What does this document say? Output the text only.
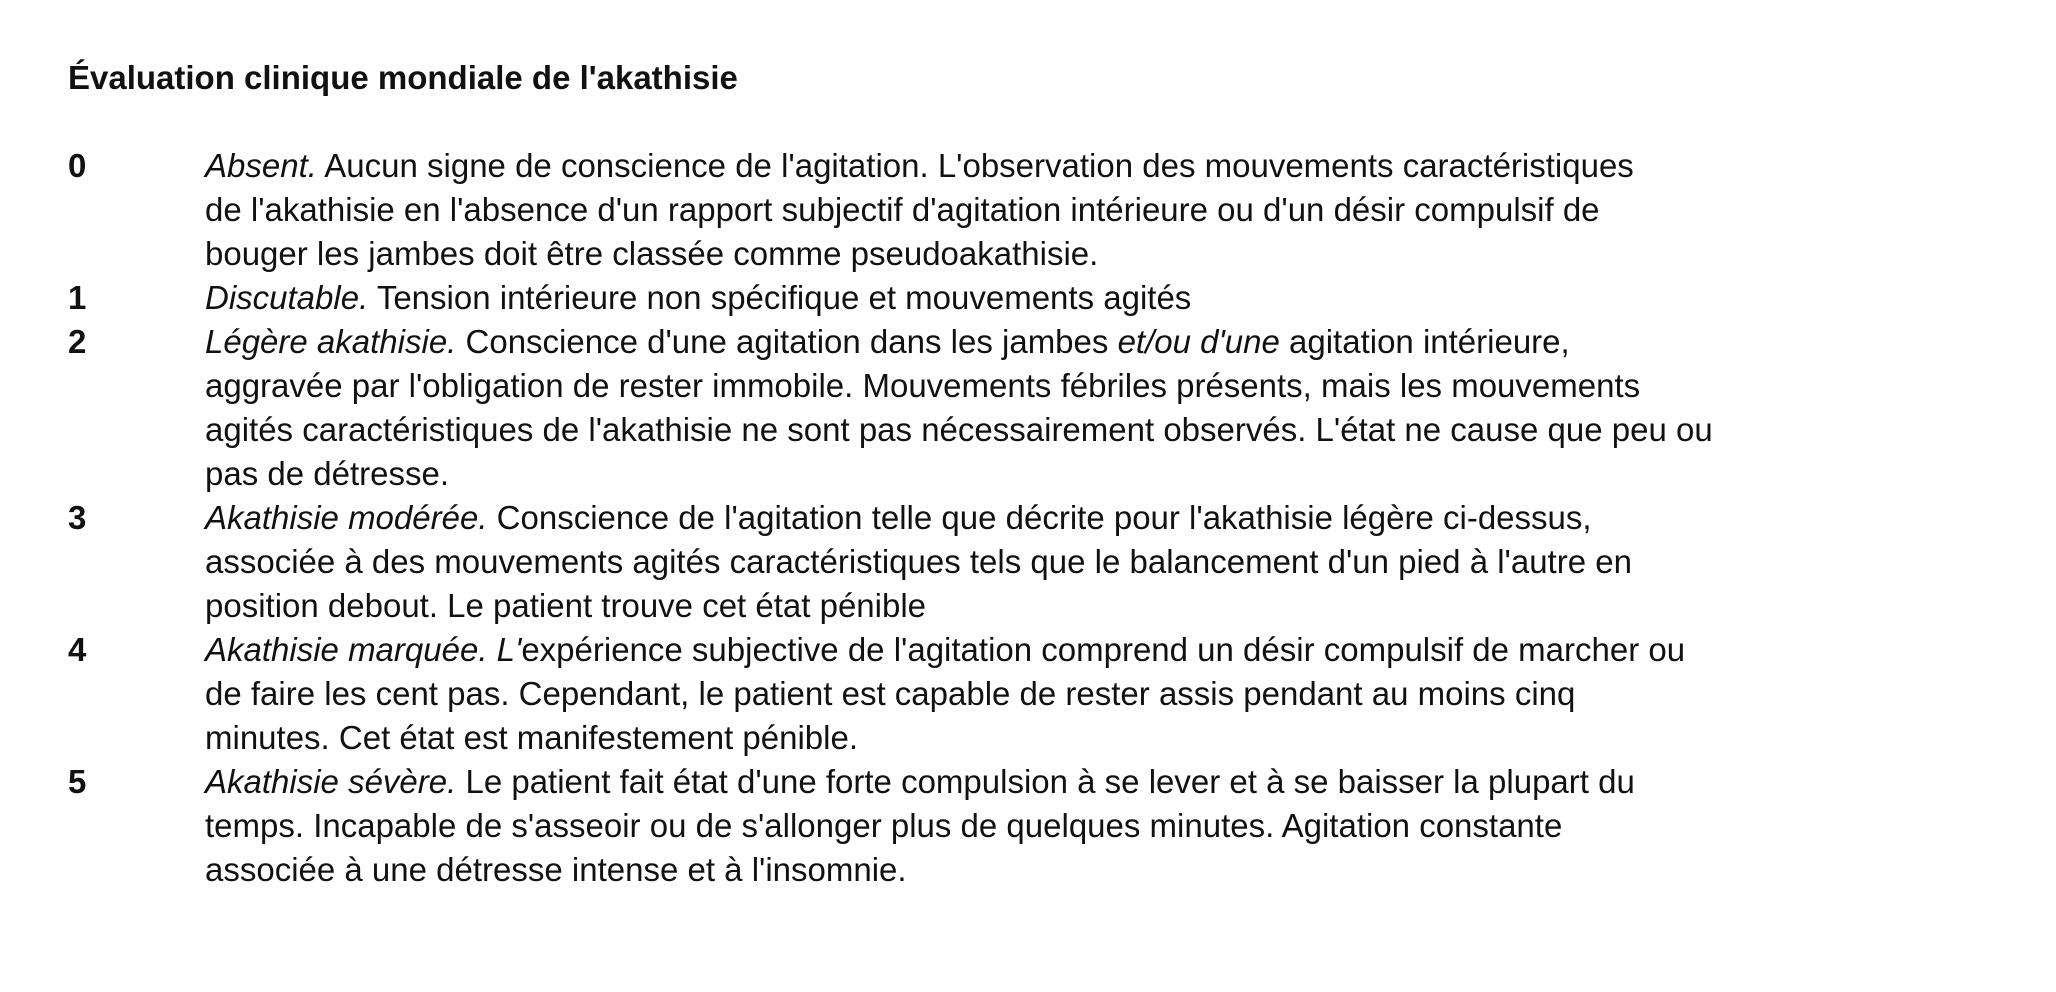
Évaluation clinique mondiale de l'akathisie
0	Absent. Aucun signe de conscience de l'agitation. L'observation des mouvements caractéristiques
de l'akathisie en l'absence d'un rapport subjectif d'agitation intérieure ou d'un désir compulsif de
bouger les jambes doit être classée comme pseudoakathisie.
1	Discutable. Tension intérieure non spécifique et mouvements agités
2	Légère akathisie. Conscience d'une agitation dans les jambes et/ou d'une agitation intérieure,
aggravée par l'obligation de rester immobile. Mouvements fébriles présents, mais les mouvements
agités caractéristiques de l'akathisie ne sont pas nécessairement observés. L'état ne cause que peu ou
pas de détresse.
3	Akathisie modérée. Conscience de l'agitation telle que décrite pour l'akathisie légère ci-dessus,
associée à des mouvements agités caractéristiques tels que le balancement d'un pied à l'autre en
position debout. Le patient trouve cet état pénible
4	Akathisie marquée. L'expérience subjective de l'agitation comprend un désir compulsif de marcher ou
de faire les cent pas. Cependant, le patient est capable de rester assis pendant au moins cinq
minutes. Cet état est manifestement pénible.
5	Akathisie sévère. Le patient fait état d'une forte compulsion à se lever et à se baisser la plupart du
temps. Incapable de s'asseoir ou de s'allonger plus de quelques minutes. Agitation constante
associée à une détresse intense et à l'insomnie.
